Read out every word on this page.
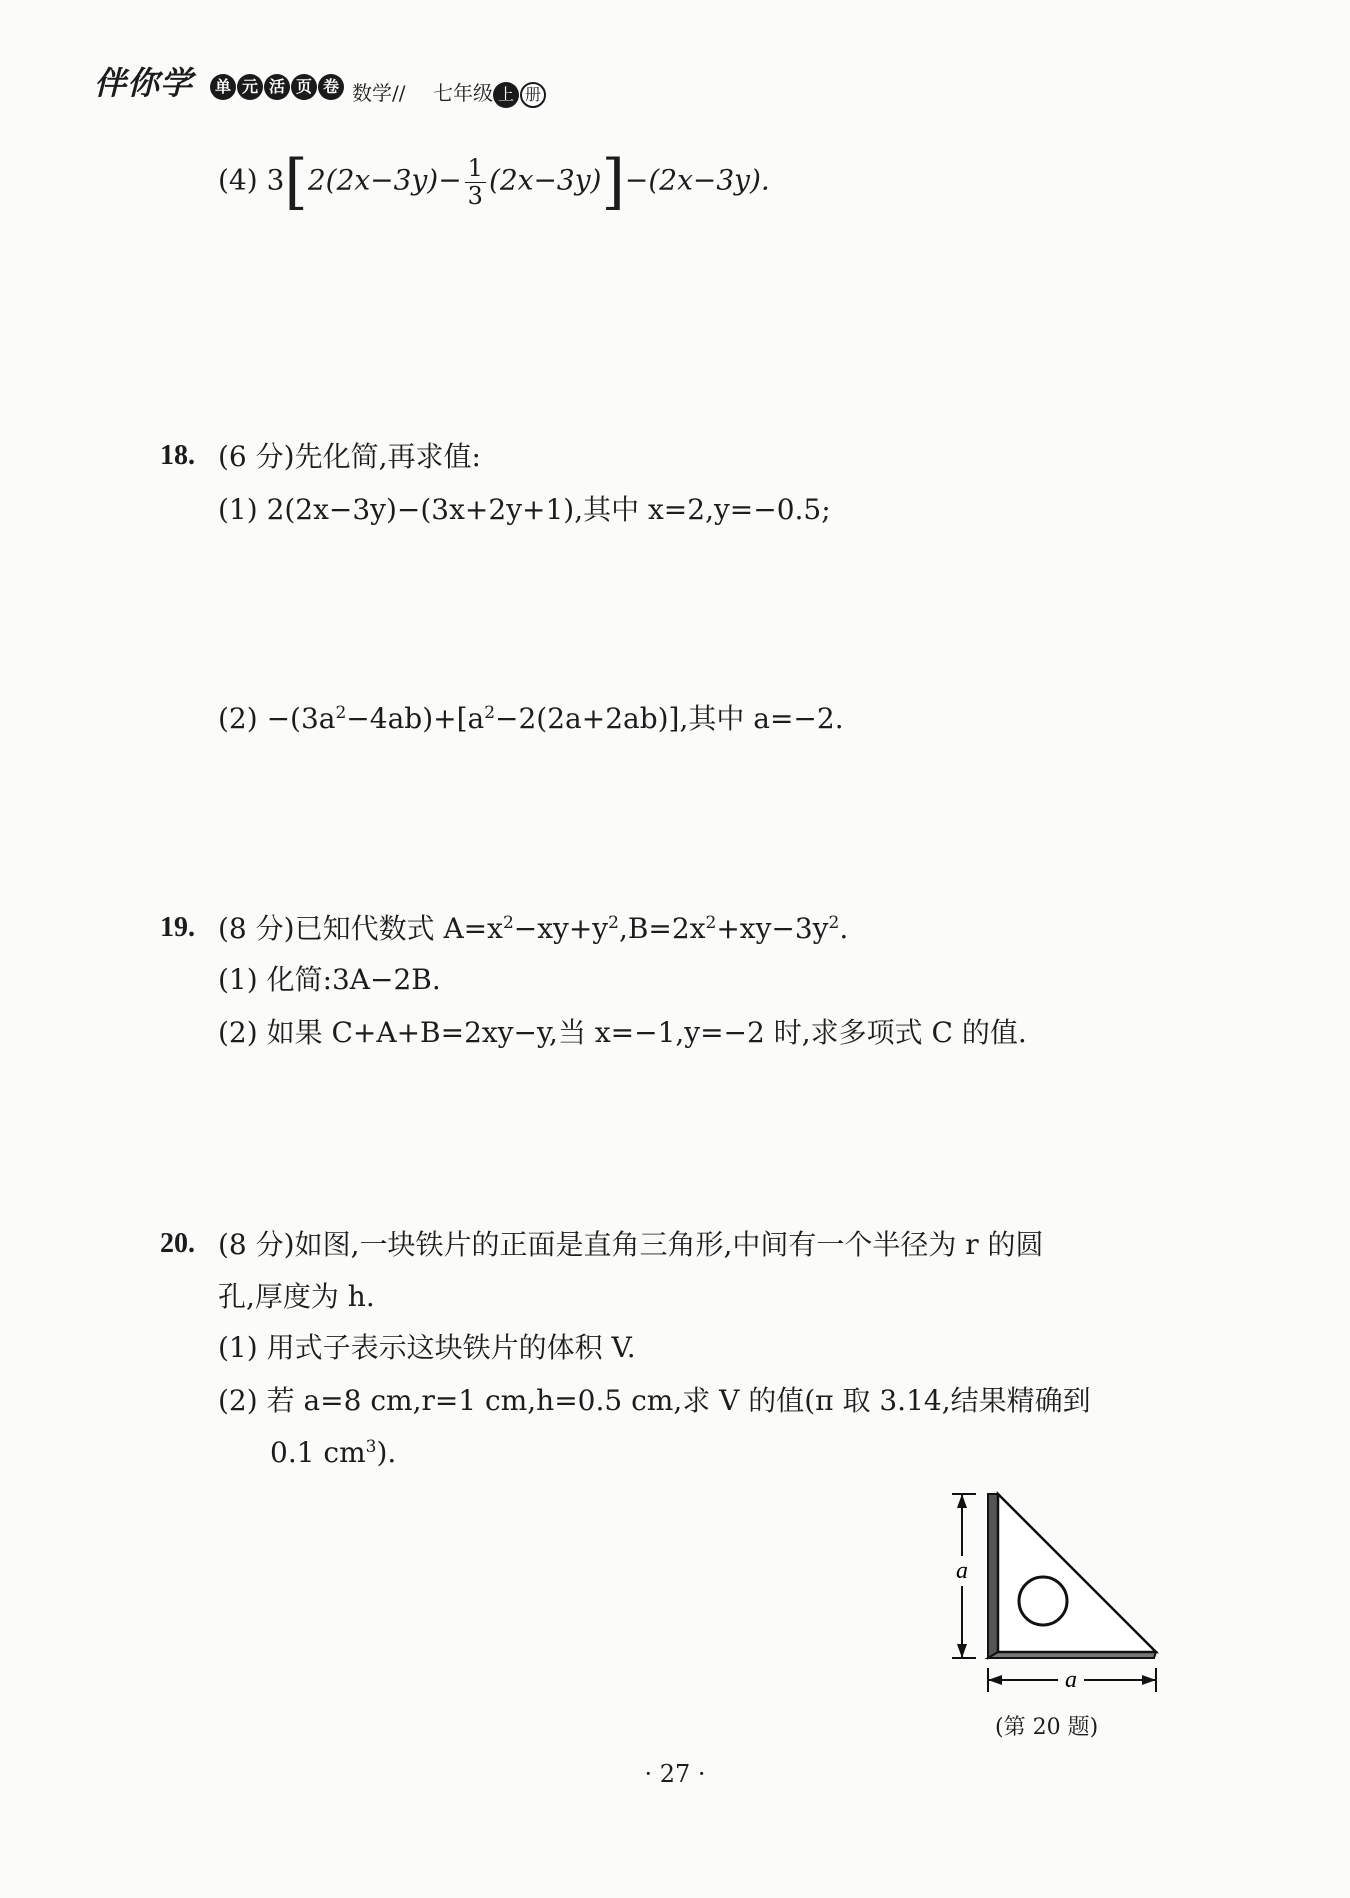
伴你学	单 元 活 页 卷 数学// 七年级 上 册
(4) $3[2(2x-3y)- \frac{1}{3} (2x-3y)]-(2x-3y)$.
18. (6 分)先化简,再求值:
(1) 2(2x−3y)−(3x+2y+1),其中 x=2,y=−0.5;
$(2) -(3a^2-4ab)+[a^2-2(2a+2ab)]$,其中 a=−2.
19. (8 分)已知代数式 $A=x^2-xy+y^2,B=2x^2+xy-3y^2$.
(1) 化简:3A−2B.
(2) 如果 C+A+B=2xy−y,当 x=−1,y=−2 时,求多项式 C 的值.
20. (8 分)如图,一块铁片的正面是直角三角形,中间有一个半径为 r 的圆
孔,厚度为 h.
(1) 用式子表示这块铁片的体积 V.
(2) 若 a=8 cm,r=1 cm,h=0.5 cm,求 V 的值(π 取 3.14,结果精确到
0.1 $cm^3$).
a
a
(第 20 题)
· 27 ·
